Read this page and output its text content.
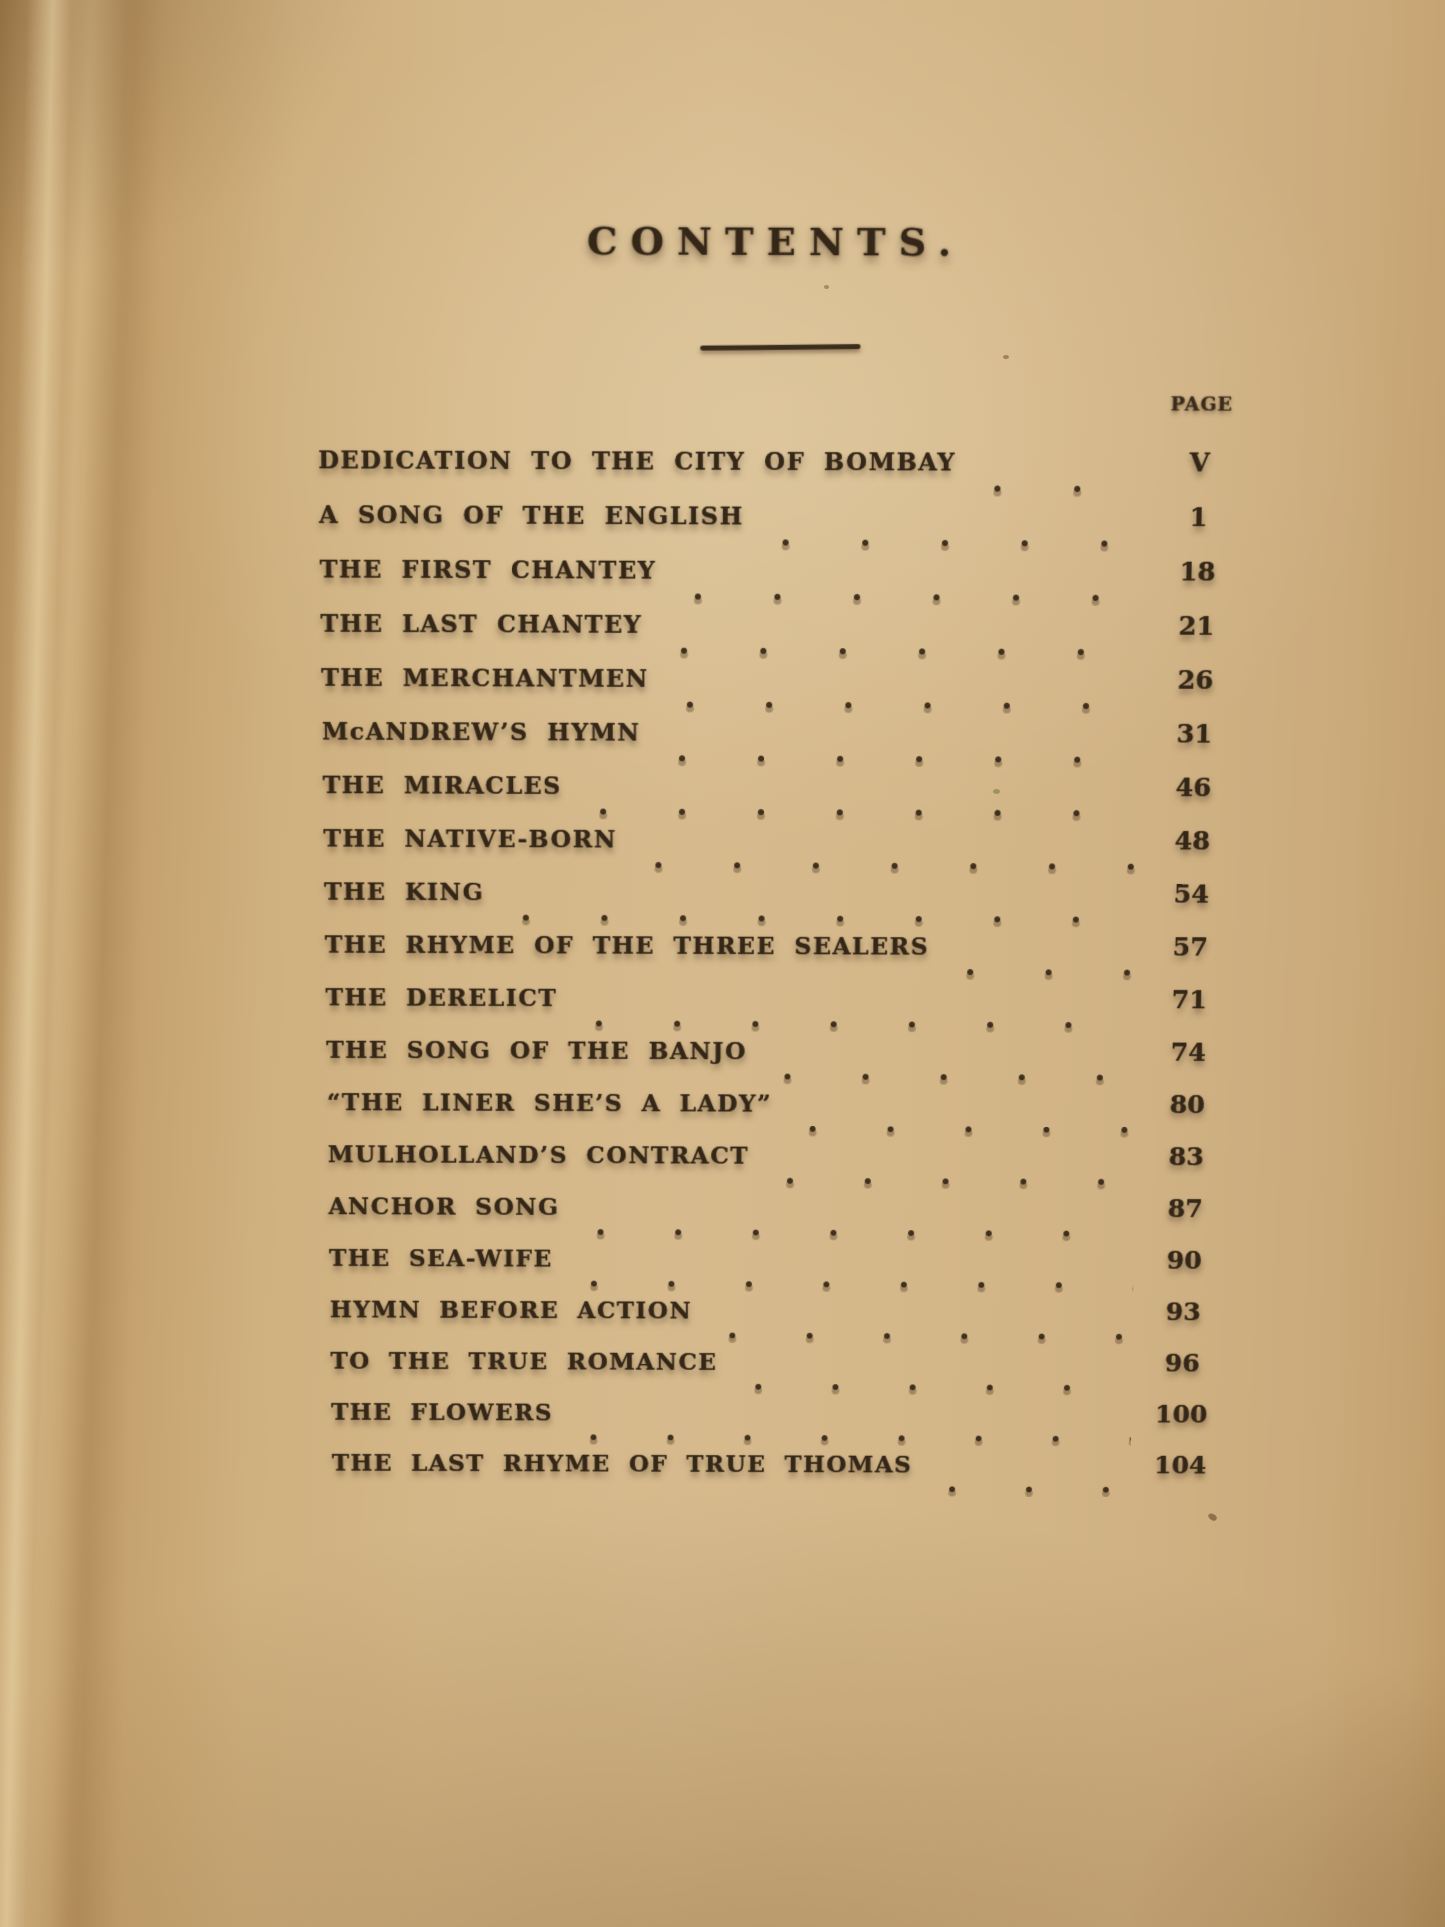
CONTENTS.
PAGE
DEDICATION TO THE CITY OF BOMBAY	V
A SONG OF THE ENGLISH	1
THE FIRST CHANTEY	18
THE LAST CHANTEY	21
THE MERCHANTMEN	26
McANDREW’S HYMN	31
THE MIRACLES	46
THE NATIVE-BORN	48
THE KING	54
THE RHYME OF THE THREE SEALERS	57
THE DERELICT	71
THE SONG OF THE BANJO	74
“THE LINER SHE’S A LADY”	80
MULHOLLAND’S CONTRACT	83
ANCHOR SONG	87
THE SEA-WIFE	90
HYMN BEFORE ACTION	93
TO THE TRUE ROMANCE	96
THE FLOWERS	100
THE LAST RHYME OF TRUE THOMAS	104
